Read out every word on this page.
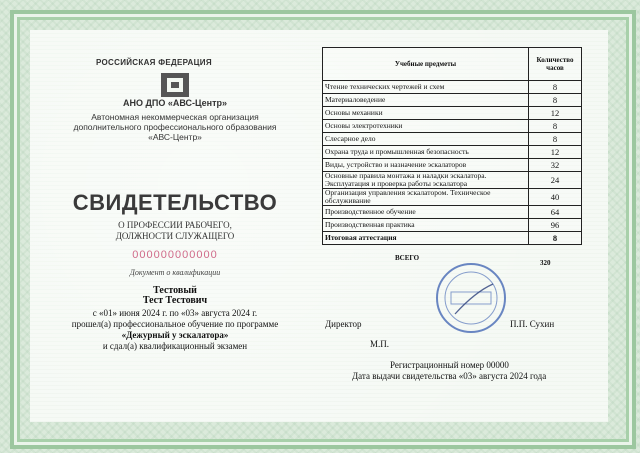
РОССИЙСКАЯ ФЕДЕРАЦИЯ
АНО ДПО «АВС-Центр»
Автономная некоммерческая организация
дополнительного профессионального образования
«АВС-Центр»
СВИДЕТЕЛЬСТВО
О ПРОФЕССИИ РАБОЧЕГО,
ДОЛЖНОСТИ СЛУЖАЩЕГО
000000000000
Документ о квалификации
Тестовый
Тест Тестович
с «01» июня 2024 г. по «03» августа 2024 г.
прошел(а) профессиональное обучение по программе
«Дежурный у эскалатора»
и сдал(а) квалификационный экзамен
Учебные предметы	Количество часов
Чтение технических чертежей и схем	8
Материаловедение	8
Основы механики	12
Основы электротехники	8
Слесарное дело	8
Охрана труда и промышленная безопасность	12
Виды, устройство и назначение эскалаторов	32
Основные правила монтажа и наладки эскалатора. Эксплуатация и проверка работы эскалатора	24
Организация управления эскалатором. Техническое обслуживание	40
Производственное обучение	64
Производственная практика	96
Итоговая аттестация	8
ВСЕГО
320
Директор	П.П. Сухин
М.П.
Регистрационный номер 00000
Дата выдачи свидетельства «03» августа 2024 года
